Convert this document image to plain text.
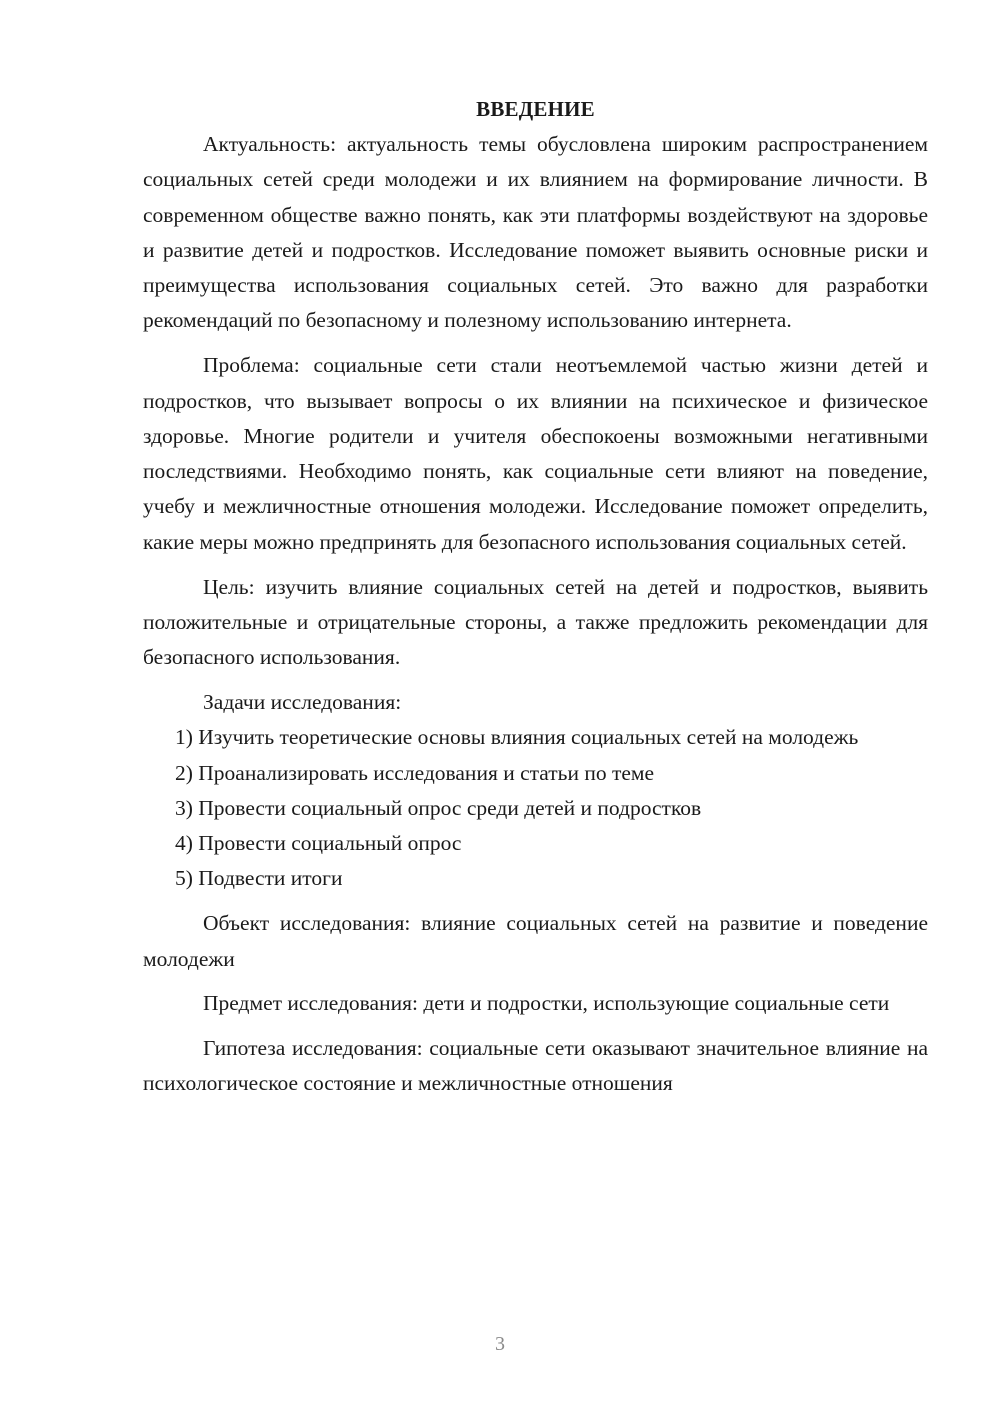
ВВЕДЕНИЕ

Актуальность: актуальность темы обусловлена широким распространением социальных сетей среди молодежи и их влиянием на формирование личности. В современном обществе важно понять, как эти платформы воздействуют на здоровье и развитие детей и подростков. Исследование поможет выявить основные риски и преимущества использования социальных сетей. Это важно для разработки рекомендаций по безопасному и полезному использованию интернета.

Проблема: социальные сети стали неотъемлемой частью жизни детей и подростков, что вызывает вопросы о их влиянии на психическое и физическое здоровье. Многие родители и учителя обеспокоены возможными негативными последствиями. Необходимо понять, как социальные сети влияют на поведение, учебу и межличностные отношения молодежи. Исследование поможет определить, какие меры можно предпринять для безопасного использования социальных сетей.

Цель: изучить влияние социальных сетей на детей и подростков, выявить положительные и отрицательные стороны, а также предложить рекомендации для безопасного использования.

Задачи исследования:

1) Изучить теоретические основы влияния социальных сетей на молодежь

2) Проанализировать исследования и статьи по теме

3) Провести социальный опрос среди детей и подростков

4) Провести социальный опрос

5) Подвести итоги

Объект исследования: влияние социальных сетей на развитие и поведение молодежи

Предмет исследования: дети и подростки, использующие социальные сети

Гипотеза исследования: социальные сети оказывают значительное влияние на психологическое состояние и межличностные отношения

3
